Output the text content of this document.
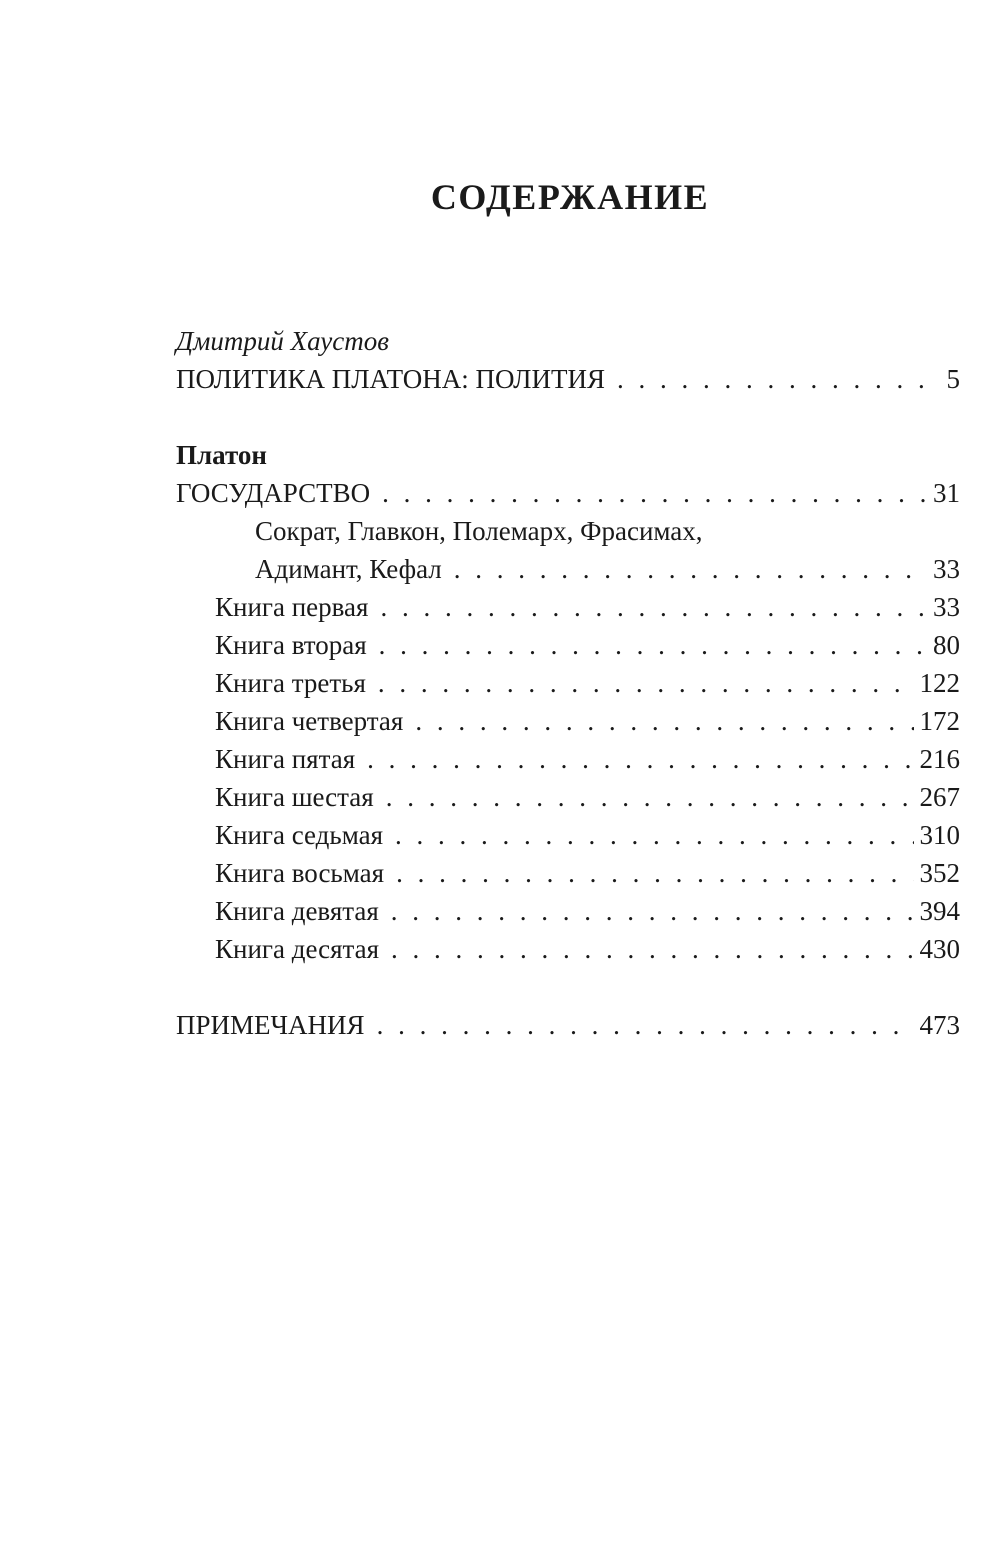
СОДЕРЖАНИЕ
Дмитрий Хаустов
ПОЛИТИКА ПЛАТОНА: ПОЛИТИЯ . . .	5
Платон
ГОСУДАРСТВО . . .	31
Сократ, Главкон, Полемарх, Фрасимах,
Адимант, Кефал . . .	33
Книга первая . . .	33
Книга вторая . . .	80
Книга третья . . .	122
Книга четвертая . . .	172
Книга пятая . . .	216
Книга шестая . . .	267
Книга седьмая . . .	310
Книга восьмая . . .	352
Книга девятая . . .	394
Книга десятая . . .	430
ПРИМЕЧАНИЯ . . .	473
